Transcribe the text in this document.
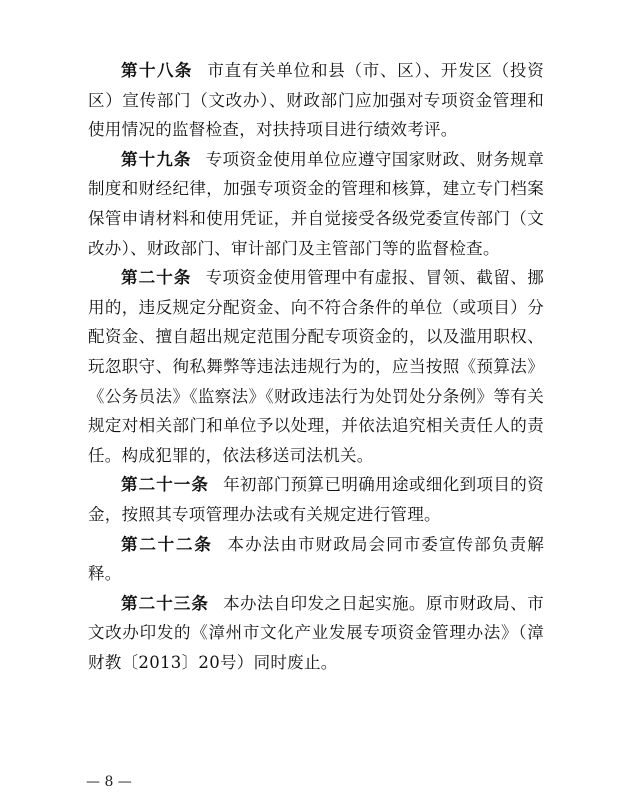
第十八条 市直有关单位和县（市、区）、开发区（投资区）宣传部门（文改办）、财政部门应加强对专项资金管理和使用情况的监督检查，对扶持项目进行绩效考评。

第十九条 专项资金使用单位应遵守国家财政、财务规章制度和财经纪律，加强专项资金的管理和核算，建立专门档案保管申请材料和使用凭证，并自觉接受各级党委宣传部门（文改办）、财政部门、审计部门及主管部门等的监督检查。

第二十条 专项资金使用管理中有虚报、冒领、截留、挪用的，违反规定分配资金、向不符合条件的单位（或项目）分配资金、擅自超出规定范围分配专项资金的，以及滥用职权、玩忽职守、徇私舞弊等违法违规行为的，应当按照《预算法》《公务员法》《监察法》《财政违法行为处罚处分条例》等有关规定对相关部门和单位予以处理，并依法追究相关责任人的责任。构成犯罪的，依法移送司法机关。

第二十一条 年初部门预算已明确用途或细化到项目的资金，按照其专项管理办法或有关规定进行管理。

第二十二条 本办法由市财政局会同市委宣传部负责解释。

第二十三条 本办法自印发之日起实施。原市财政局、市文改办印发的《漳州市文化产业发展专项资金管理办法》（漳财教〔2013〕20号）同时废止。

— 8 —
